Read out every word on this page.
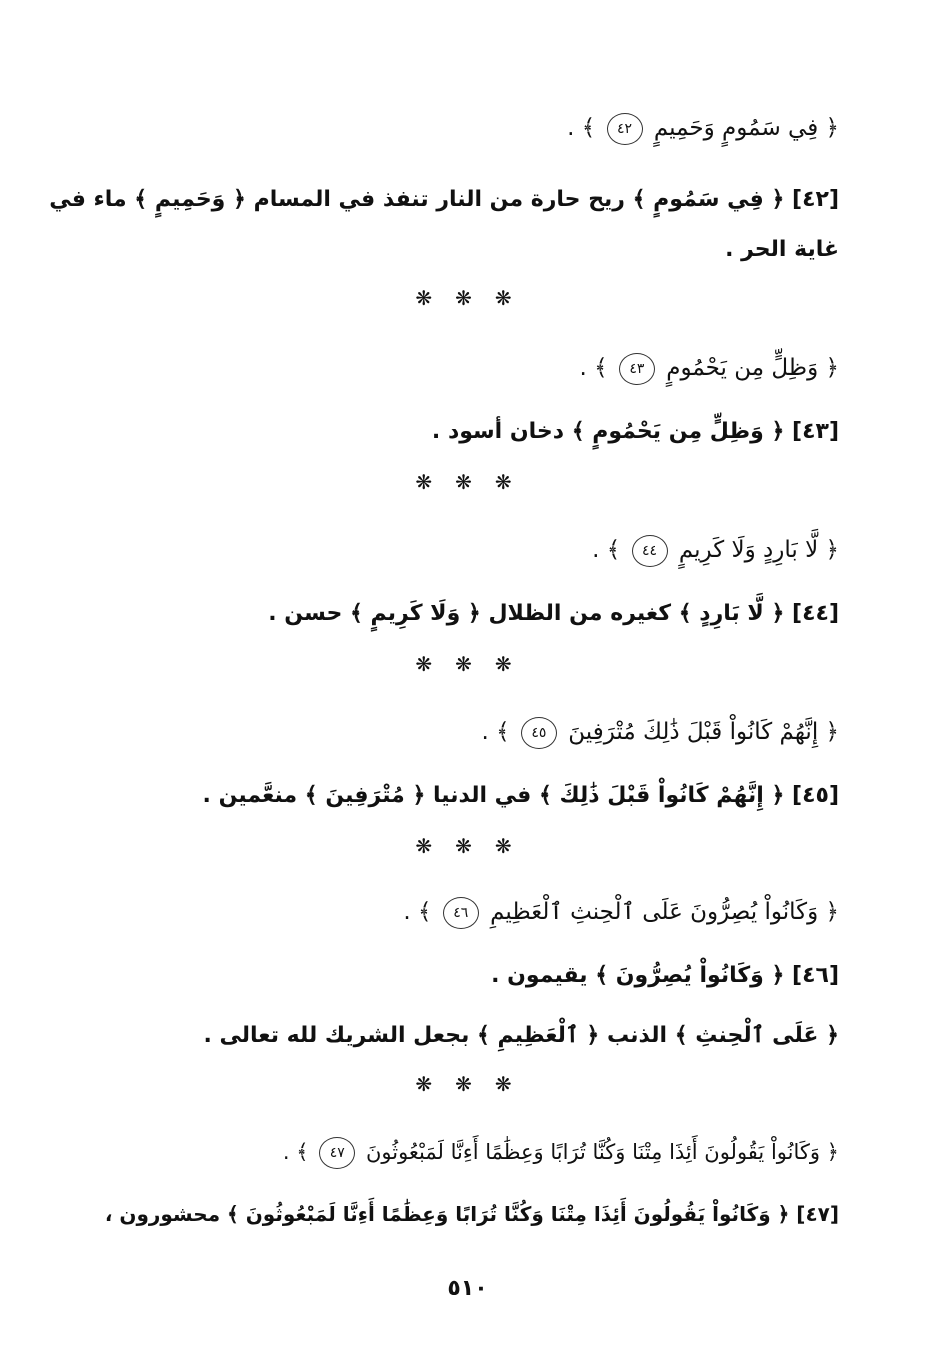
﴿ فِي سَمُومٍ وَحَمِيمٍ ٤٢ ﴾ .
[٤٢] ﴿ فِي سَمُومٍ ﴾ ريح حارة من النار تنفذ في المسام ﴿ وَحَمِيمٍ ﴾ ماء في
غاية الحر .
❋ ❋ ❋
﴿ وَظِلٍّ مِن يَحْمُومٍ ٤٣ ﴾ .
[٤٣] ﴿ وَظِلٍّ مِن يَحْمُومٍ ﴾ دخان أسود .
❋ ❋ ❋
﴿ لَّا بَارِدٍ وَلَا كَرِيمٍ ٤٤ ﴾ .
[٤٤] ﴿ لَّا بَارِدٍ ﴾ كغيره من الظلال ﴿ وَلَا كَرِيمٍ ﴾ حسن .
❋ ❋ ❋
﴿ إِنَّهُمْ كَانُواْ قَبْلَ ذَٰلِكَ مُتْرَفِينَ ٤٥ ﴾ .
[٤٥] ﴿ إِنَّهُمْ كَانُواْ قَبْلَ ذَٰلِكَ ﴾ في الدنيا ﴿ مُتْرَفِينَ ﴾ منعَّمين .
❋ ❋ ❋
﴿ وَكَانُواْ يُصِرُّونَ عَلَى ٱلْحِنثِ ٱلْعَظِيمِ ٤٦ ﴾ .
[٤٦] ﴿ وَكَانُواْ يُصِرُّونَ ﴾ يقيمون .
﴿ عَلَى ٱلْحِنثِ ﴾ الذنب ﴿ ٱلْعَظِيمِ ﴾ بجعل الشريك لله تعالى .
❋ ❋ ❋
﴿ وَكَانُواْ يَقُولُونَ أَئِذَا مِتْنَا وَكُنَّا تُرَابًا وَعِظَٰمًا أَءِنَّا لَمَبْعُوثُونَ ٤٧ ﴾ .
[٤٧] ﴿ وَكَانُواْ يَقُولُونَ أَئِذَا مِتْنَا وَكُنَّا تُرَابًا وَعِظَٰمًا أَءِنَّا لَمَبْعُوثُونَ ﴾ محشورون ،
٥١٠
